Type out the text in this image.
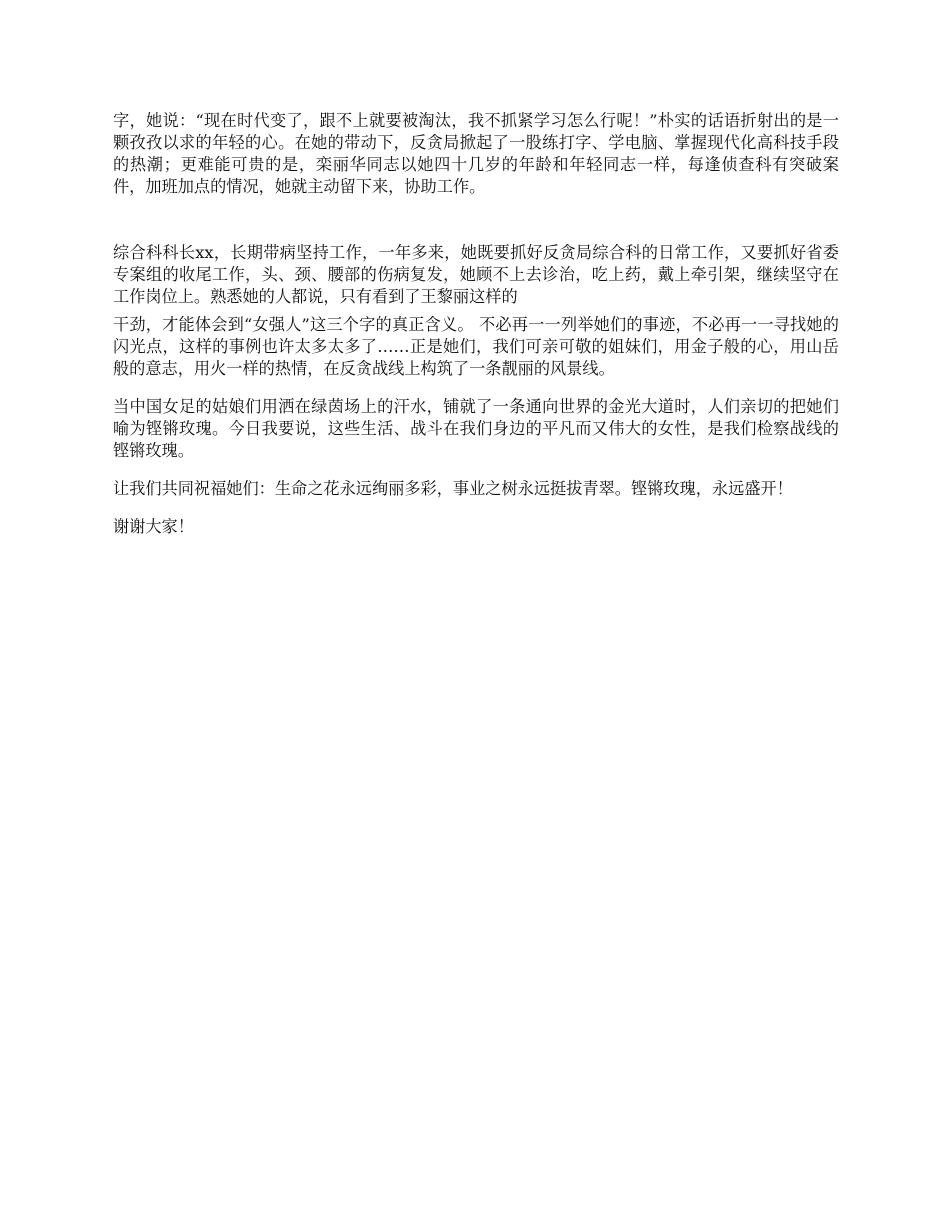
字，她说：“现在时代变了，跟不上就要被淘汰，我不抓紧学习怎么行呢！”朴实的话语折射出的是一颗孜孜以求的年轻的心。在她的带动下，反贪局掀起了一股练打字、学电脑、掌握现代化高科技手段的热潮；更难能可贵的是，栾丽华同志以她四十几岁的年龄和年轻同志一样，每逢侦查科有突破案件，加班加点的情况，她就主动留下来，协助工作。

综合科科长xx，长期带病坚持工作，一年多来，她既要抓好反贪局综合科的日常工作，又要抓好省委专案组的收尾工作，头、颈、腰部的伤病复发，她顾不上去诊治，吃上药，戴上牵引架，继续坚守在工作岗位上。熟悉她的人都说，只有看到了王黎丽这样的

干劲，才能体会到“女强人”这三个字的真正含义。 不必再一一列举她们的事迹，不必再一一寻找她的闪光点，这样的事例也许太多太多了……正是她们，我们可亲可敬的姐妹们，用金子般的心，用山岳般的意志，用火一样的热情，在反贪战线上构筑了一条靓丽的风景线。

当中国女足的姑娘们用洒在绿茵场上的汗水，铺就了一条通向世界的金光大道时，人们亲切的把她们喻为铿锵玫瑰。今日我要说，这些生活、战斗在我们身边的平凡而又伟大的女性，是我们检察战线的铿锵玫瑰。

让我们共同祝福她们：生命之花永远绚丽多彩，事业之树永远挺拔青翠。铿锵玫瑰，永远盛开！

谢谢大家！
